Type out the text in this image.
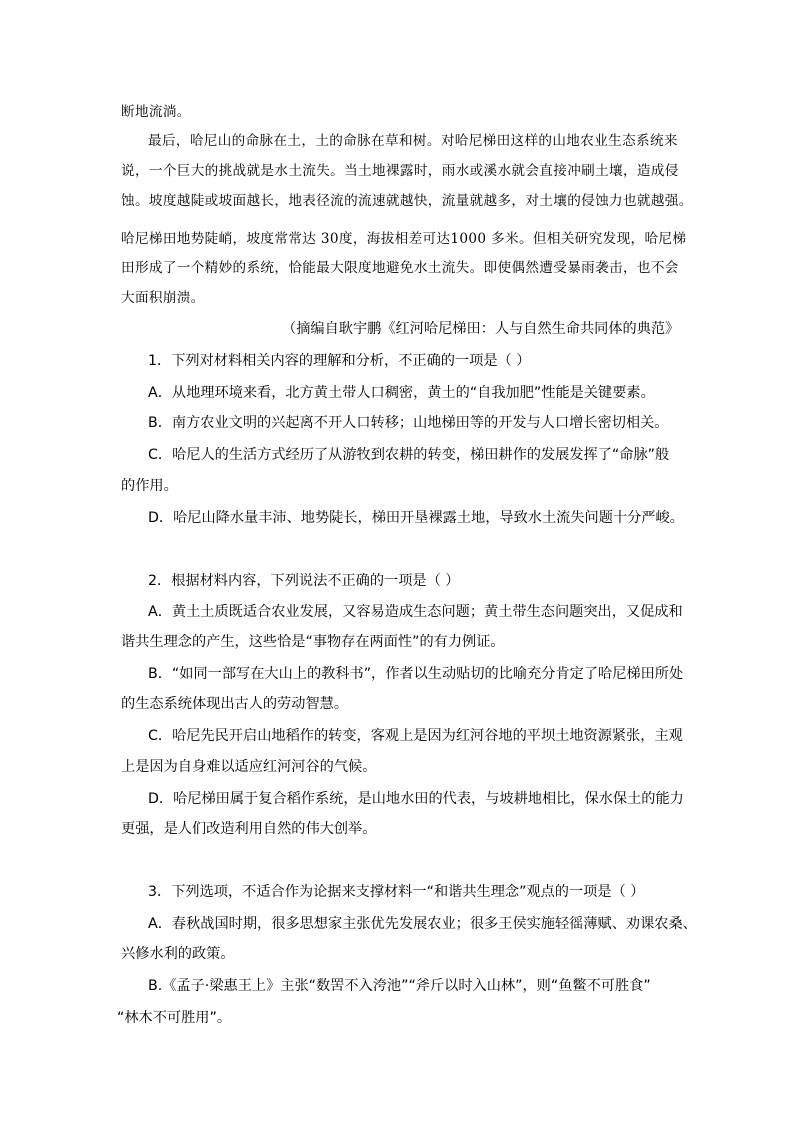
断地流淌。
最后，哈尼山的命脉在土，土的命脉在草和树。对哈尼梯田这样的山地农业生态系统来
说，一个巨大的挑战就是水土流失。当土地裸露时，雨水或溪水就会直接冲刷土壤，造成侵
蚀。坡度越陡或坡面越长，地表径流的流速就越快，流量就越多，对土壤的侵蚀力也就越强。
哈尼梯田地势陡峭，坡度常常达 30度，海拔相差可达1000 多米。但相关研究发现，哈尼梯
田形成了一个精妙的系统，恰能最大限度地避免水土流失。即使偶然遭受暴雨袭击，也不会
大面积崩溃。
（摘编自耿宇鹏《红河哈尼梯田：人与自然生命共同体的典范》
1．下列对材料相关内容的理解和分析，不正确的一项是（ ）
A．从地理环境来看，北方黄土带人口稠密，黄土的“自我加肥”性能是关键要素。
B．南方农业文明的兴起离不开人口转移；山地梯田等的开发与人口增长密切相关。
C．哈尼人的生活方式经历了从游牧到农耕的转变，梯田耕作的发展发挥了“命脉”般
的作用。
D．哈尼山降水量丰沛、地势陡长，梯田开垦裸露土地，导致水土流失问题十分严峻。
2．根据材料内容，下列说法不正确的一项是（ ）
A．黄土土质既适合农业发展，又容易造成生态问题；黄土带生态问题突出，又促成和
谐共生理念的产生，这些恰是“事物存在两面性”的有力例证。
B．“如同一部写在大山上的教科书”，作者以生动贴切的比喻充分肯定了哈尼梯田所处
的生态系统体现出古人的劳动智慧。
C．哈尼先民开启山地稻作的转变，客观上是因为红河谷地的平坝土地资源紧张，主观
上是因为自身难以适应红河河谷的气候。
D．哈尼梯田属于复合稻作系统，是山地水田的代表，与坡耕地相比，保水保土的能力
更强，是人们改造利用自然的伟大创举。
3．下列选项，不适合作为论据来支撑材料一“和谐共生理念”观点的一项是（ ）
A．春秋战国时期，很多思想家主张优先发展农业；很多王侯实施轻徭薄赋、劝课农桑、
兴修水利的政策。
B.《孟子·梁惠王上》主张“数罟不入洿池”“斧斤以时入山林”，则“鱼鳖不可胜食”
“林木不可胜用”。
